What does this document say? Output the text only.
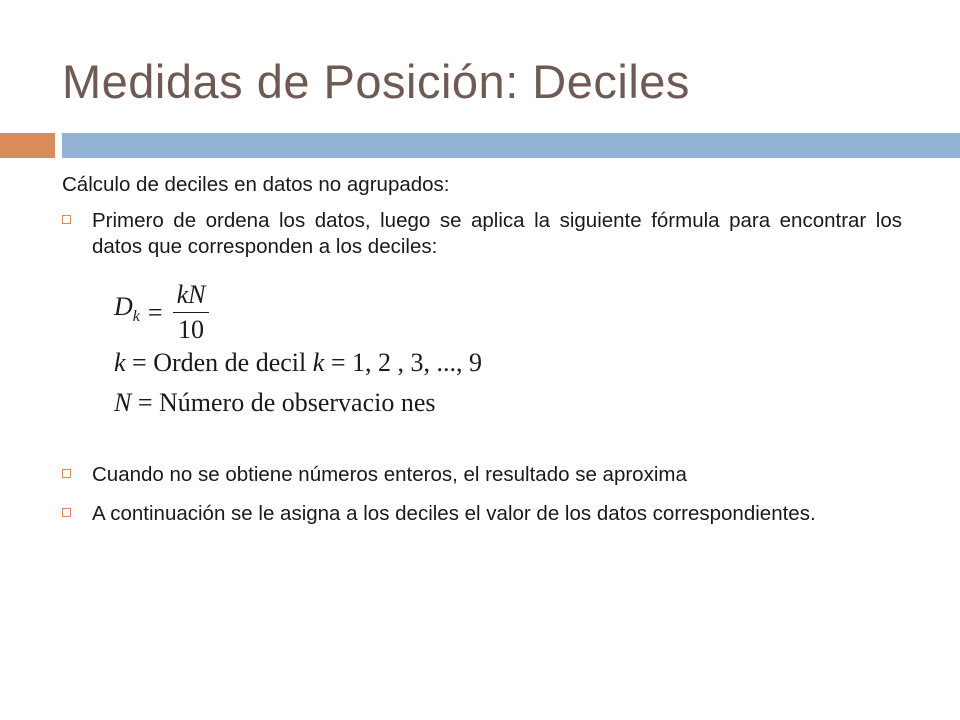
Medidas de Posición: Deciles

Cálculo de deciles en datos no agrupados:

Primero de ordena los datos, luego se aplica la siguiente fórmula para encontrar los datos que corresponden a los deciles:
$D_k = \frac{kN}{10}$
k = Orden de decil k = 1, 2 , 3, ..., 9
N = Número de observacio nes
Cuando no se obtiene números enteros, el resultado se aproxima
A continuación se le asigna a los deciles el valor de los datos correspondientes.
